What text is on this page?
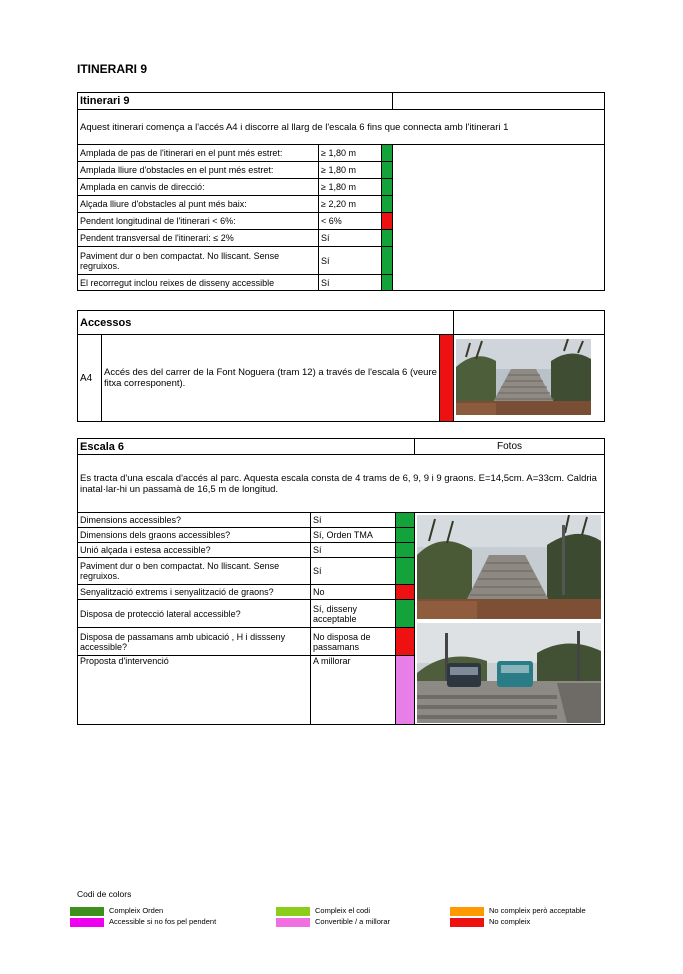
ITINERARI 9
Itinerari 9			
Aquest itinerari comença a l'accés A4 i discorre al llarg de l'escala 6 fins que connecta amb l'itinerari 1			
Amplada de pas de l'itinerari en el punt més estret:	≥ 1,80 m		
Amplada lliure d'obstacles en el punt més estret:	≥ 1,80 m		
Amplada en canvis de direcció:	≥ 1,80 m		
Alçada lliure d'obstacles al punt més baix:	≥ 2,20 m		
Pendent longitudinal de l'itinerari < 6%:	< 6%		
Pendent transversal de l'itinerari: ≤ 2%	Sí		
Paviment dur o ben compactat. No lliscant. Sense regruixos.	Sí		
El recorregut inclou reixes de disseny accessible	Sí		
Accessos			
A4	Accés des del carrer de la Font Noguera (tram 12) a través de l'escala 6 (veure fitxa corresponent).		
Escala 6			Fotos
Es tracta d'una escala d'accés al parc. Aquesta escala consta de 4 trams de 6, 9, 9 i 9 graons. E=14,5cm. A=33cm. Caldria inatal·lar-hi un passamà de 16,5 m de longitud.			
Dimensions accessibles?	Sí		

Dimensions dels graons accessibles?	Sí, Orden TMA		
Unió alçada i estesa accessible?	Sí		
Paviment dur o ben compactat. No lliscant. Sense regruixos.	Sí		
Senyalització extrems i senyalització de graons?	No		
Disposa de protecció lateral accessible?	Sí, disseny acceptable		
Disposa de passamans amb ubicació , H i dissseny accessible?	No disposa de passamans		
Proposta d'intervenció	A millorar		
Codi de colors
Compleix Orden
Accessible si no fos pel pendent
Compleix el codi
Convertible / a millorar
No compleix però acceptable
No compleix
